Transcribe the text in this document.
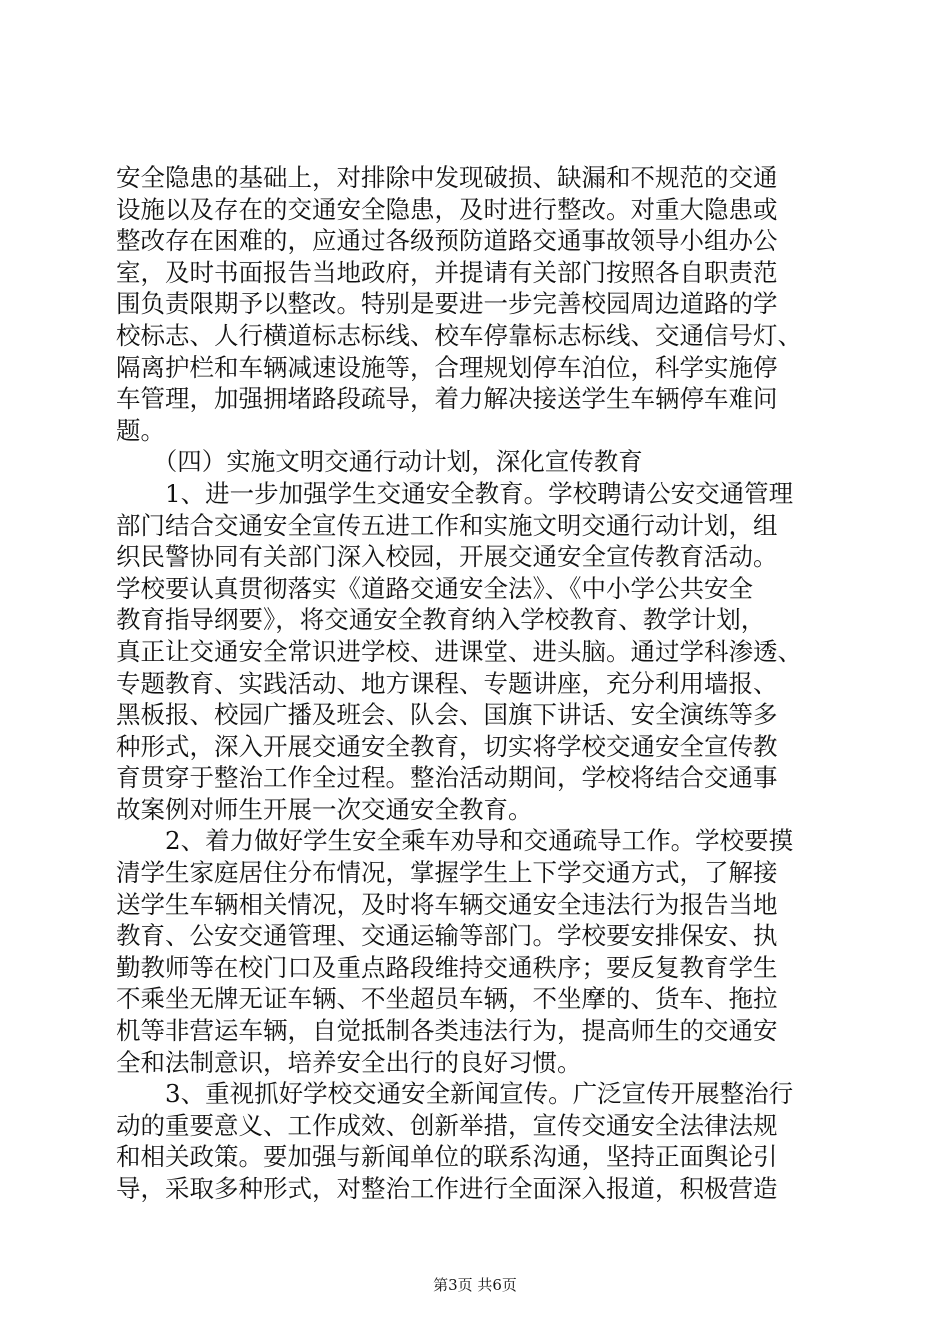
安全隐患的基础上，对排除中发现破损、缺漏和不规范的交通
设施以及存在的交通安全隐患，及时进行整改。对重大隐患或
整改存在困难的，应通过各级预防道路交通事故领导小组办公
室，及时书面报告当地政府，并提请有关部门按照各自职责范
围负责限期予以整改。特别是要进一步完善校园周边道路的学
校标志、人行横道标志标线、校车停靠标志标线、交通信号灯、
隔离护栏和车辆减速设施等，合理规划停车泊位，科学实施停
车管理，加强拥堵路段疏导，着力解决接送学生车辆停车难问
题。
　　（四）实施文明交通行动计划，深化宣传教育
　　1、进一步加强学生交通安全教育。学校聘请公安交通管理
部门结合交通安全宣传五进工作和实施文明交通行动计划，组
织民警协同有关部门深入校园，开展交通安全宣传教育活动。
学校要认真贯彻落实《道路交通安全法》、《中小学公共安全
教育指导纲要》，将交通安全教育纳入学校教育、教学计划，
真正让交通安全常识进学校、进课堂、进头脑。通过学科渗透、
专题教育、实践活动、地方课程、专题讲座，充分利用墙报、
黑板报、校园广播及班会、队会、国旗下讲话、安全演练等多
种形式，深入开展交通安全教育，切实将学校交通安全宣传教
育贯穿于整治工作全过程。整治活动期间，学校将结合交通事
故案例对师生开展一次交通安全教育。
　　2、着力做好学生安全乘车劝导和交通疏导工作。学校要摸
清学生家庭居住分布情况，掌握学生上下学交通方式，了解接
送学生车辆相关情况，及时将车辆交通安全违法行为报告当地
教育、公安交通管理、交通运输等部门。学校要安排保安、执
勤教师等在校门口及重点路段维持交通秩序；要反复教育学生
不乘坐无牌无证车辆、不坐超员车辆，不坐摩的、货车、拖拉
机等非营运车辆，自觉抵制各类违法行为，提高师生的交通安
全和法制意识，培养安全出行的良好习惯。
　　3、重视抓好学校交通安全新闻宣传。广泛宣传开展整治行
动的重要意义、工作成效、创新举措，宣传交通安全法律法规
和相关政策。要加强与新闻单位的联系沟通，坚持正面舆论引
导，采取多种形式，对整治工作进行全面深入报道，积极营造
第3页 共6页
